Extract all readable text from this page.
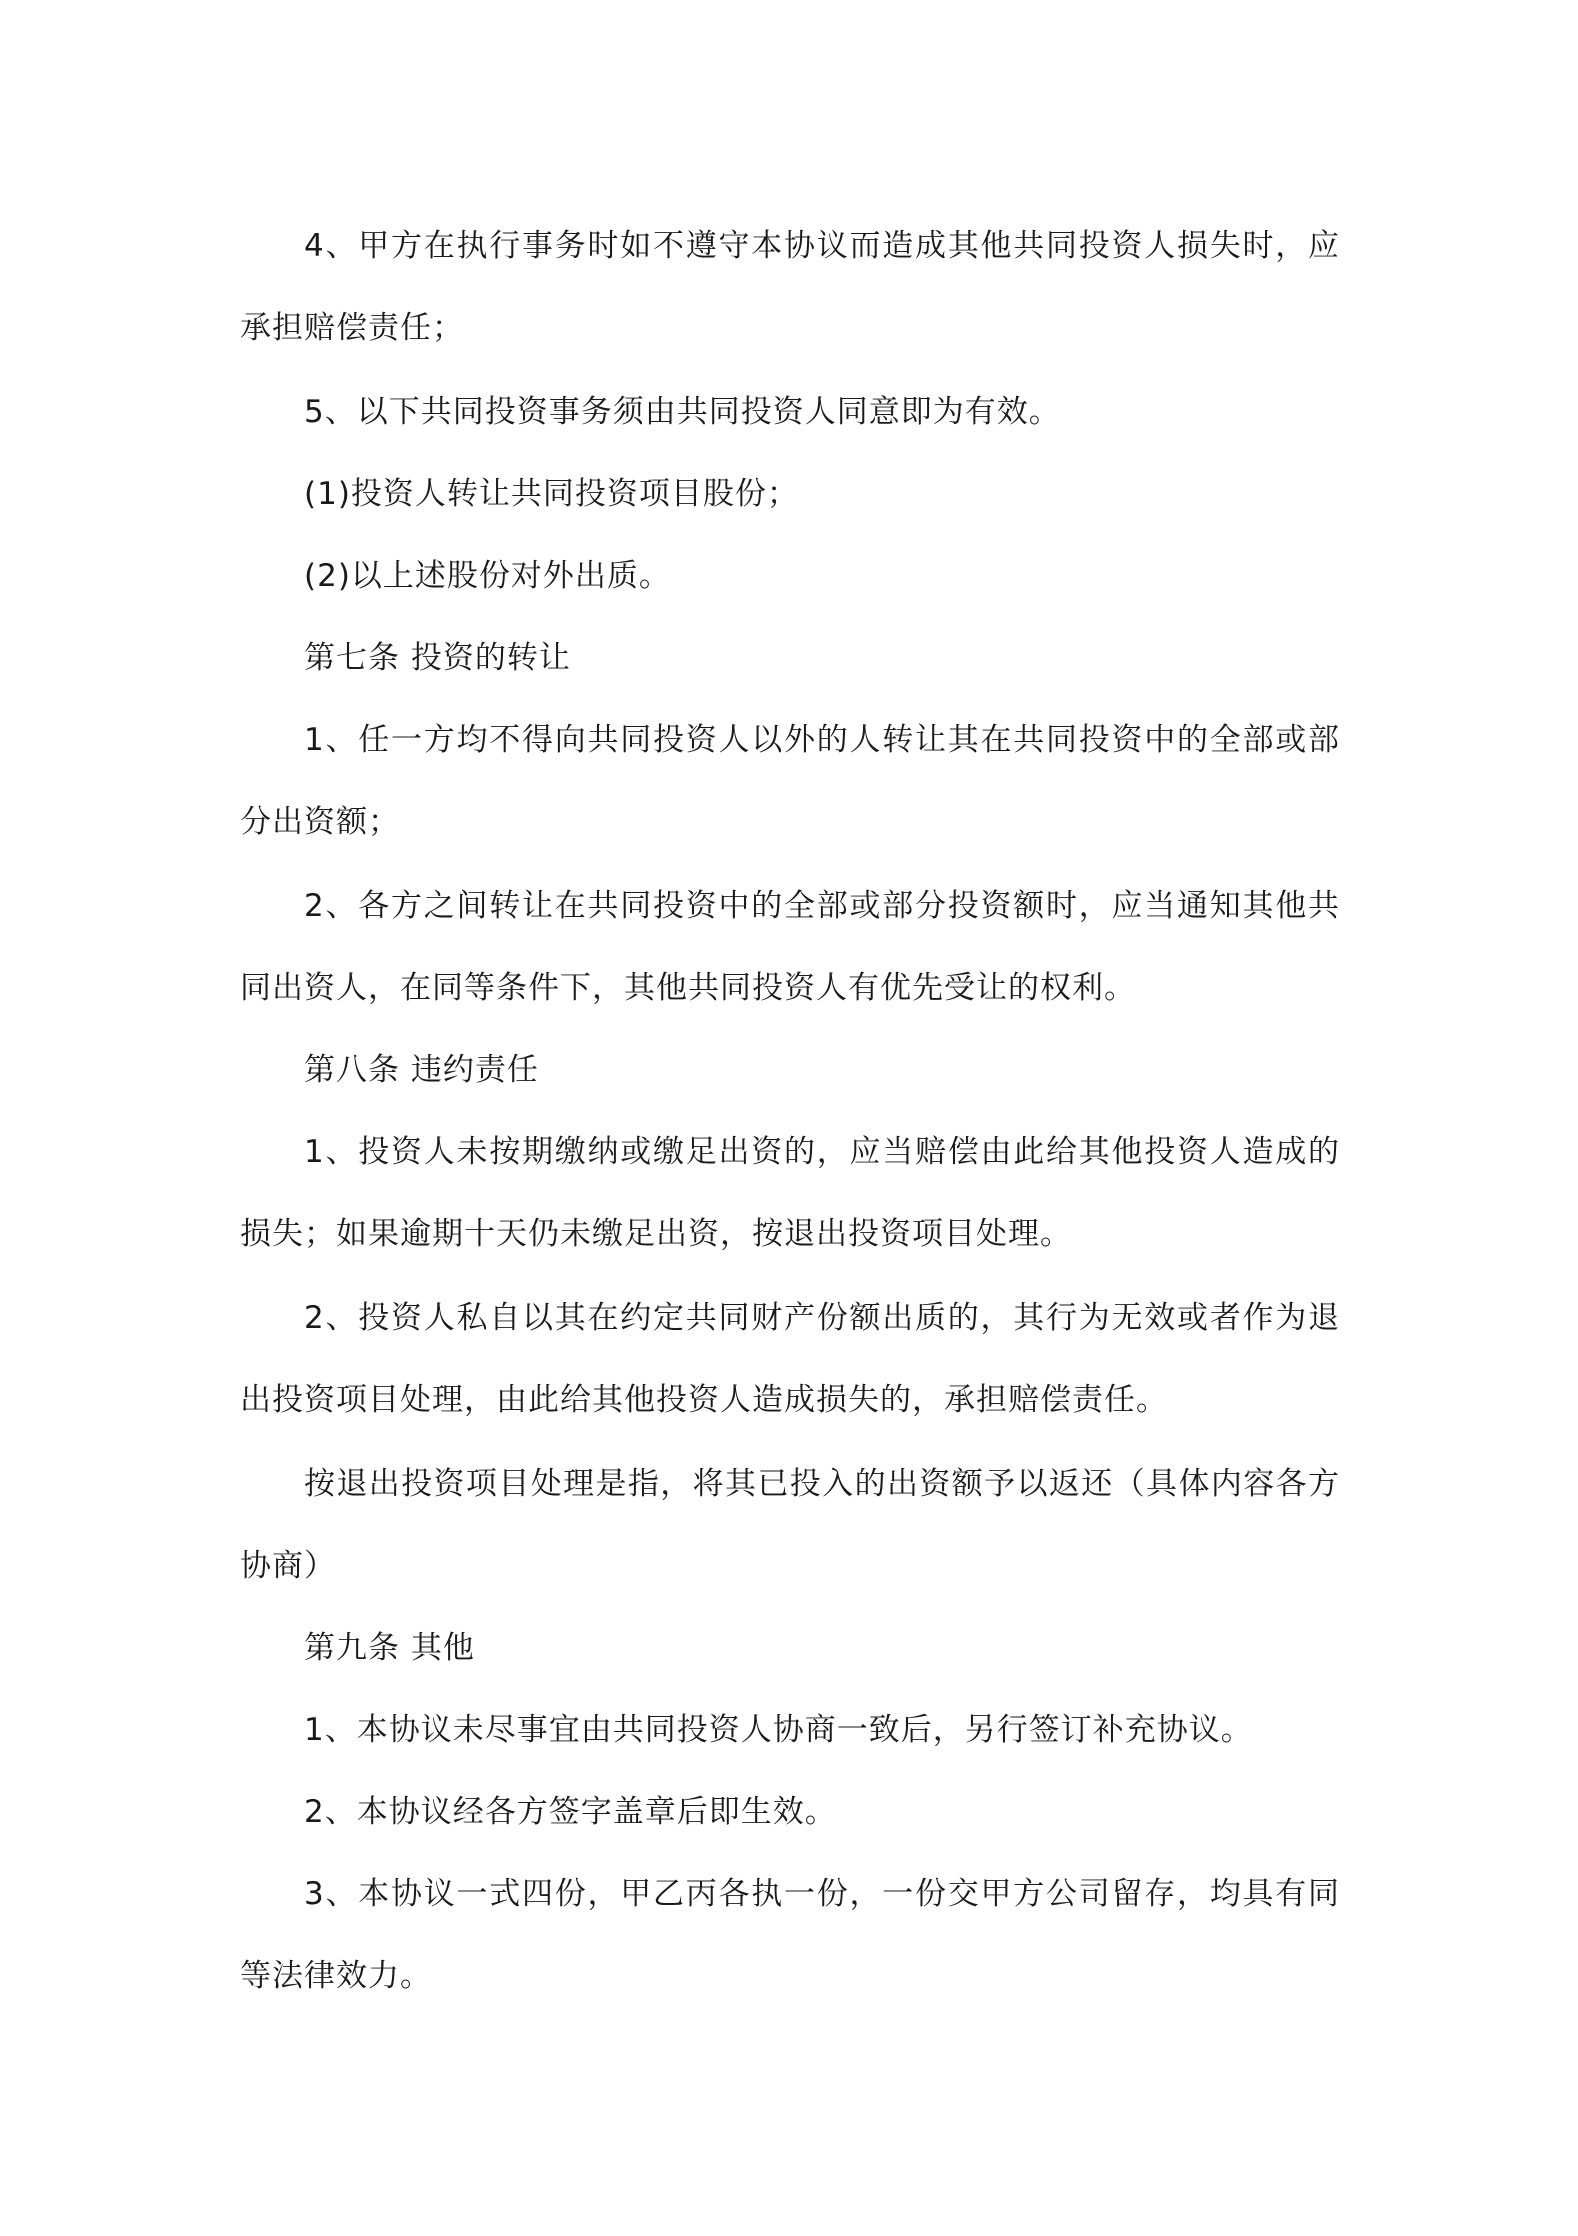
4、甲方在执行事务时如不遵守本协议而造成其他共同投资人损失时，应承担赔偿责任；

5、以下共同投资事务须由共同投资人同意即为有效。

(1)投资人转让共同投资项目股份；

(2)以上述股份对外出质。

第七条 投资的转让

1、任一方均不得向共同投资人以外的人转让其在共同投资中的全部或部分出资额；

2、各方之间转让在共同投资中的全部或部分投资额时，应当通知其他共同出资人，在同等条件下，其他共同投资人有优先受让的权利。

第八条 违约责任

1、投资人未按期缴纳或缴足出资的，应当赔偿由此给其他投资人造成的损失；如果逾期十天仍未缴足出资，按退出投资项目处理。

2、投资人私自以其在约定共同财产份额出质的，其行为无效或者作为退出投资项目处理，由此给其他投资人造成损失的，承担赔偿责任。

按退出投资项目处理是指，将其已投入的出资额予以返还（具体内容各方协商）

第九条 其他

1、本协议未尽事宜由共同投资人协商一致后，另行签订补充协议。

2、本协议经各方签字盖章后即生效。

3、本协议一式四份，甲乙丙各执一份，一份交甲方公司留存，均具有同等法律效力。
